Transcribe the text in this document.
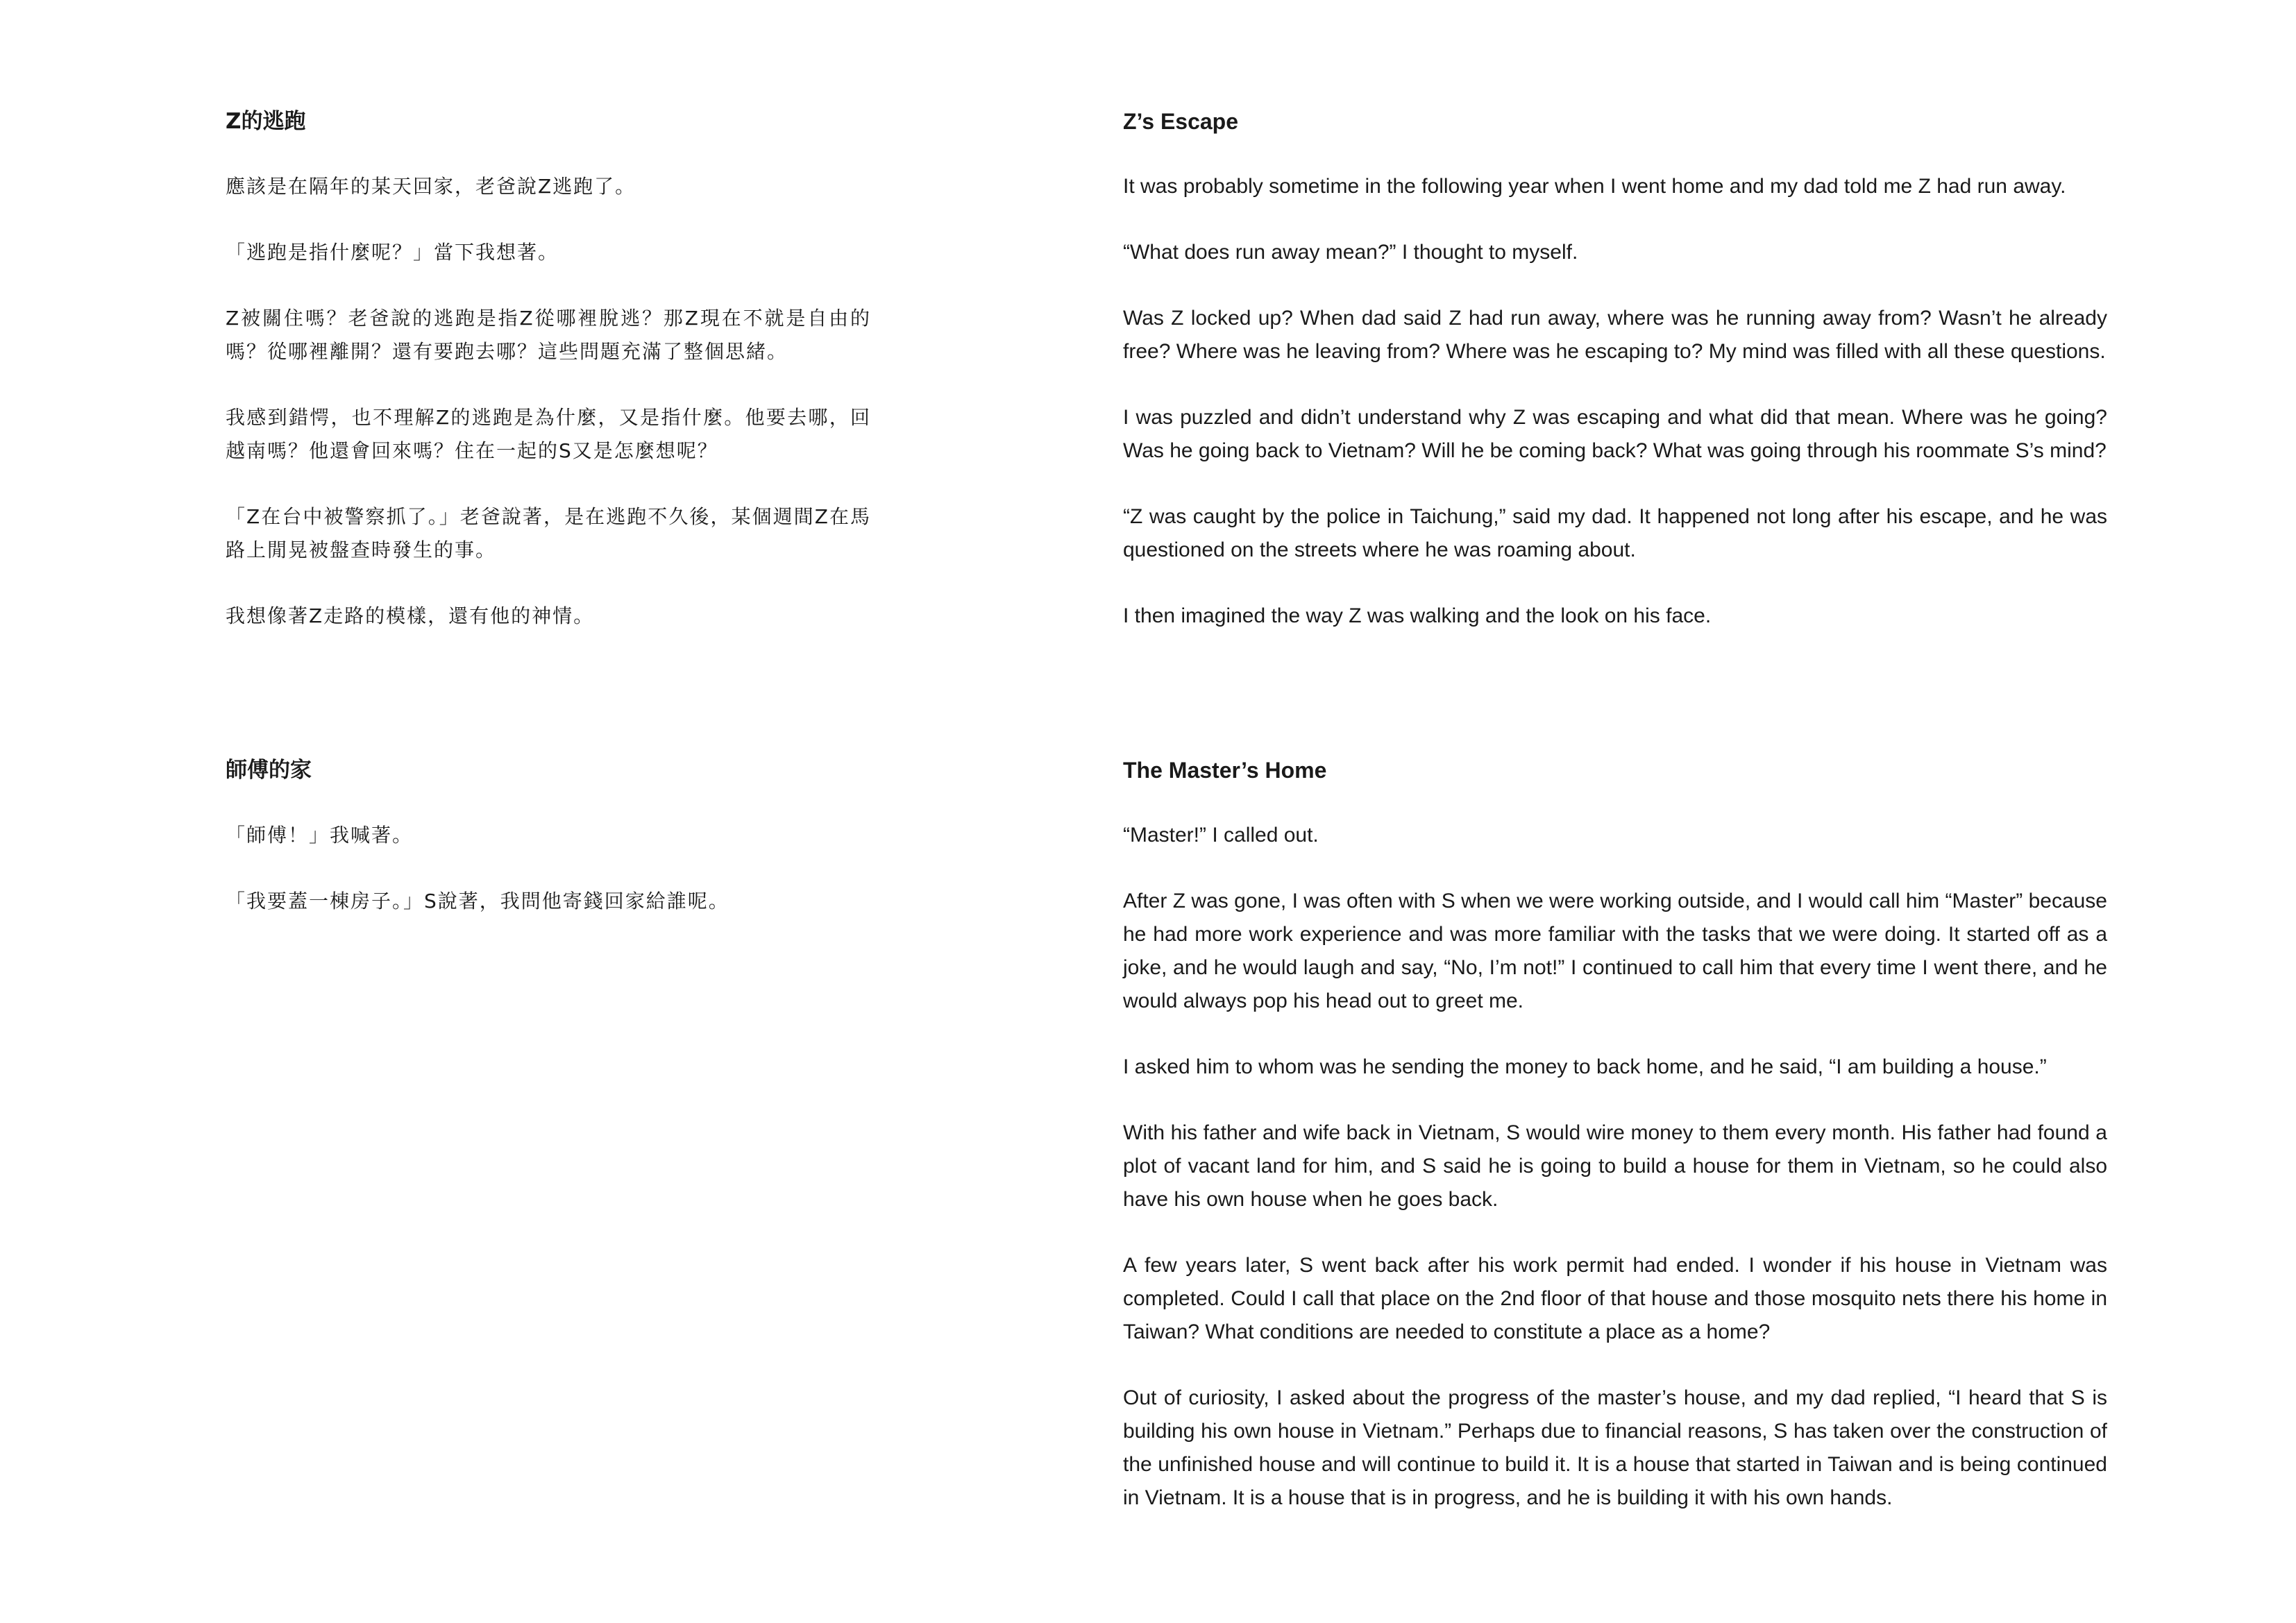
Z的逃跑

應該是在隔年的某天回家，老爸說Z逃跑了。

「逃跑是指什麼呢？」當下我想著。

Z被關住嗎？老爸說的逃跑是指Z從哪裡脫逃？那Z現在不就是自由的嗎？從哪裡離開？還有要跑去哪？這些問題充滿了整個思緒。

我感到錯愕，也不理解Z的逃跑是為什麼，又是指什麼。他要去哪，回越南嗎？他還會回來嗎？住在一起的S又是怎麼想呢？

「Z在台中被警察抓了。」老爸說著，是在逃跑不久後，某個週間Z在馬路上閒晃被盤查時發生的事。

我想像著Z走路的模樣，還有他的神情。

Z’s Escape

It was probably sometime in the following year when I went home and my dad told me Z had run away.

“What does run away mean?” I thought to myself.

Was Z locked up? When dad said Z had run away, where was he running away from? Wasn’t he already free? Where was he leaving from? Where was he escaping to? My mind was filled with all these questions.

I was puzzled and didn’t understand why Z was escaping and what did that mean. Where was he going? Was he going back to Vietnam? Will he be coming back? What was going through his roommate S’s mind?

“Z was caught by the police in Taichung,” said my dad. It happened not long after his escape, and he was questioned on the streets where he was roaming about.

I then imagined the way Z was walking and the look on his face.

師傅的家

「師傅！」我喊著。

「我要蓋一棟房子。」S說著，我問他寄錢回家給誰呢。

The Master’s Home

“Master!” I called out.

After Z was gone, I was often with S when we were working outside, and I would call him “Master” because he had more work experience and was more familiar with the tasks that we were doing. It started off as a joke, and he would laugh and say, “No, I’m not!” I continued to call him that every time I went there, and he would always pop his head out to greet me.

I asked him to whom was he sending the money to back home, and he said, “I am building a house.”

With his father and wife back in Vietnam, S would wire money to them every month. His father had found a plot of vacant land for him, and S said he is going to build a house for them in Vietnam, so he could also have his own house when he goes back.

A few years later, S went back after his work permit had ended. I wonder if his house in Vietnam was completed. Could I call that place on the 2nd floor of that house and those mosquito nets there his home in Taiwan? What conditions are needed to constitute a place as a home?

Out of curiosity, I asked about the progress of the master’s house, and my dad replied, “I heard that S is building his own house in Vietnam.” Perhaps due to financial reasons, S has taken over the construction of the unfinished house and will continue to build it. It is a house that started in Taiwan and is being continued in Vietnam. It is a house that is in progress, and he is building it with his own hands.
